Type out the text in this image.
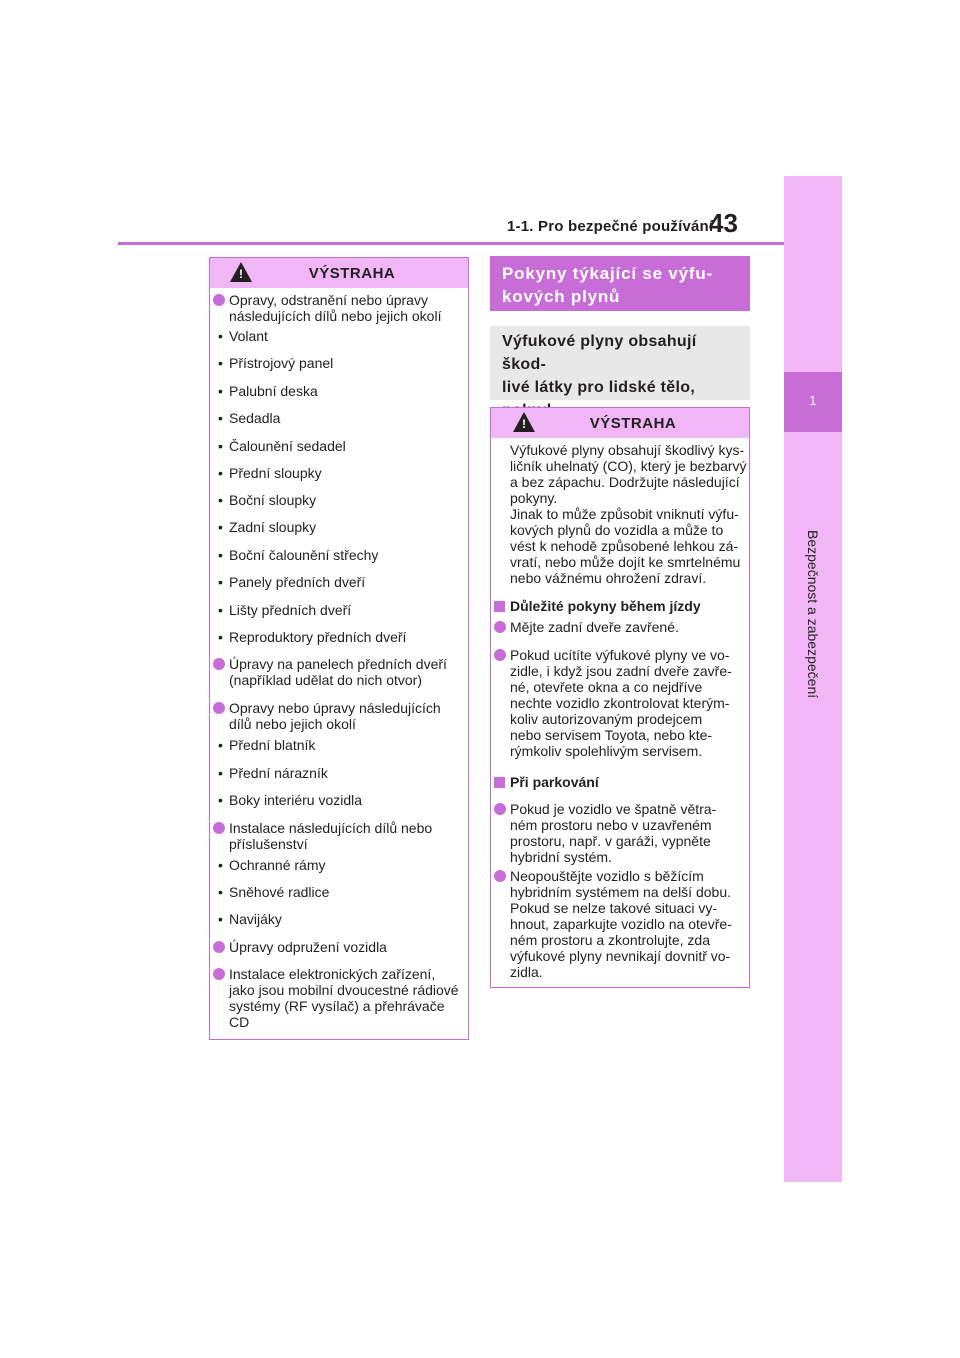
1-1. Pro bezpečné používání
43
1
Bezpečnost a zabezpečení
!
VÝSTRAHA
Opravy, odstranění nebo úpravy
následujících dílů nebo jejich okolí
• Volant
• Přístrojový panel
• Palubní deska
• Sedadla
• Čalounění sedadel
• Přední sloupky
• Boční sloupky
• Zadní sloupky
• Boční čalounění střechy
• Panely předních dveří
• Lišty předních dveří
• Reproduktory předních dveří
Úpravy na panelech předních dveří
(například udělat do nich otvor)
Opravy nebo úpravy následujících
dílů nebo jejich okolí
• Přední blatník
• Přední nárazník
• Boky interiéru vozidla
Instalace následujících dílů nebo
příslušenství
• Ochranné rámy
• Sněhové radlice
• Navijáky
Úpravy odpružení vozidla
Instalace elektronických zařízení,
jako jsou mobilní dvoucestné rádiové
systémy (RF vysílač) a přehrávače
CD
Pokyny týkající se výfu-
kových plynů
Výfukové plyny obsahují škod-
livé látky pro lidské tělo,
!
VÝSTRAHA
Výfukové plyny obsahují škodlivý kys-
ličník uhelnatý (CO), který je bezbarvý
a bez zápachu. Dodržujte následující
pokyny.
Jinak to může způsobit vniknutí výfu-
kových plynů do vozidla a může to
vést k nehodě způsobené lehkou zá-
vratí, nebo může dojít ke smrtelnému
nebo vážnému ohrožení zdraví.
Důležité pokyny během jízdy
Mějte zadní dveře zavřené.
Pokud ucítíte výfukové plyny ve vo-
zidle, i když jsou zadní dveře zavře-
né, otevřete okna a co nejdříve
nechte vozidlo zkontrolovat kterým-
koliv autorizovaným prodejcem
nebo servisem Toyota, nebo kte-
rýmkoliv spolehlivým servisem.
Při parkování
Pokud je vozidlo ve špatně větra-
ném prostoru nebo v uzavřeném
prostoru, např. v garáži, vypněte
hybridní systém.
Neopouštějte vozidlo s běžícím
hybridním systémem na delší dobu.
Pokud se nelze takové situaci vy-
hnout, zaparkujte vozidlo na otevře-
ném prostoru a zkontrolujte, zda
výfukové plyny nevnikají dovnitř vo-
zidla.
